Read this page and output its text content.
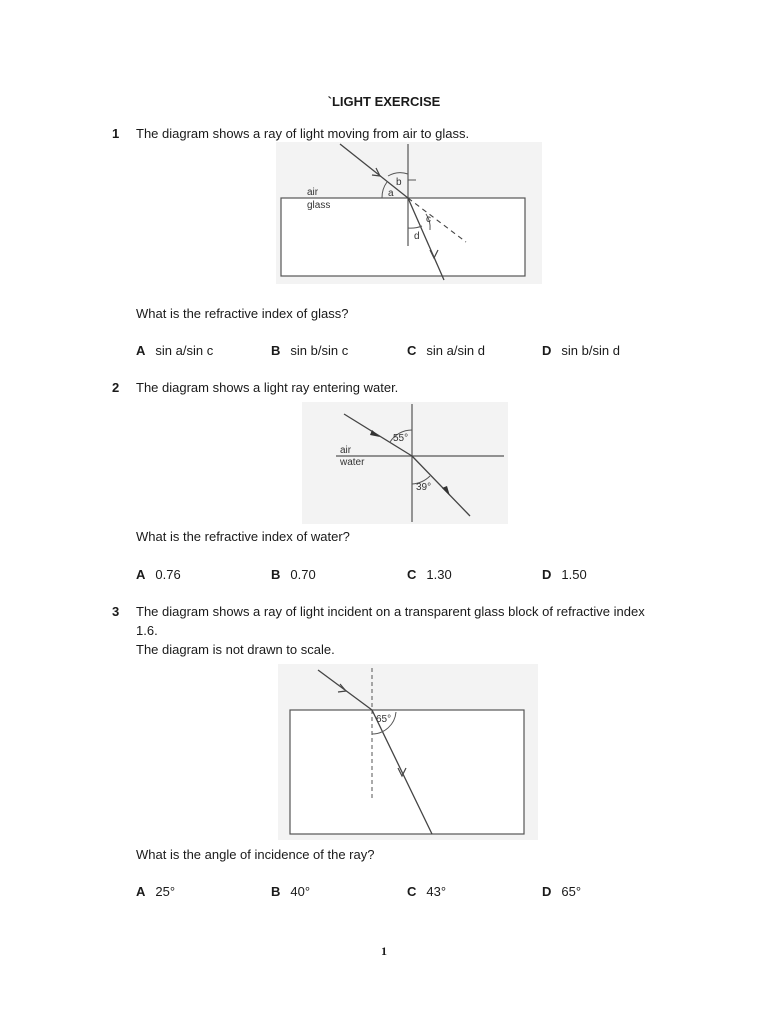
`LIGHT EXERCISE
1 The diagram shows a ray of light moving from air to glass.
air
glass
a
b
c
d
What is the refractive index of glass?
A sin a/sin c	B sin b/sin c	C sin a/sin d	D sin b/sin d
2 The diagram shows a light ray entering water.
air
water
55°
39°
What is the refractive index of water?
A 0.76	B 0.70	C 1.30	D 1.50
3 The diagram shows a ray of light incident on a transparent glass block of refractive index
1.6.
The diagram is not drawn to scale.
65°
What is the angle of incidence of the ray?
A 25°	B 40°	C 43°	D 65°
1
